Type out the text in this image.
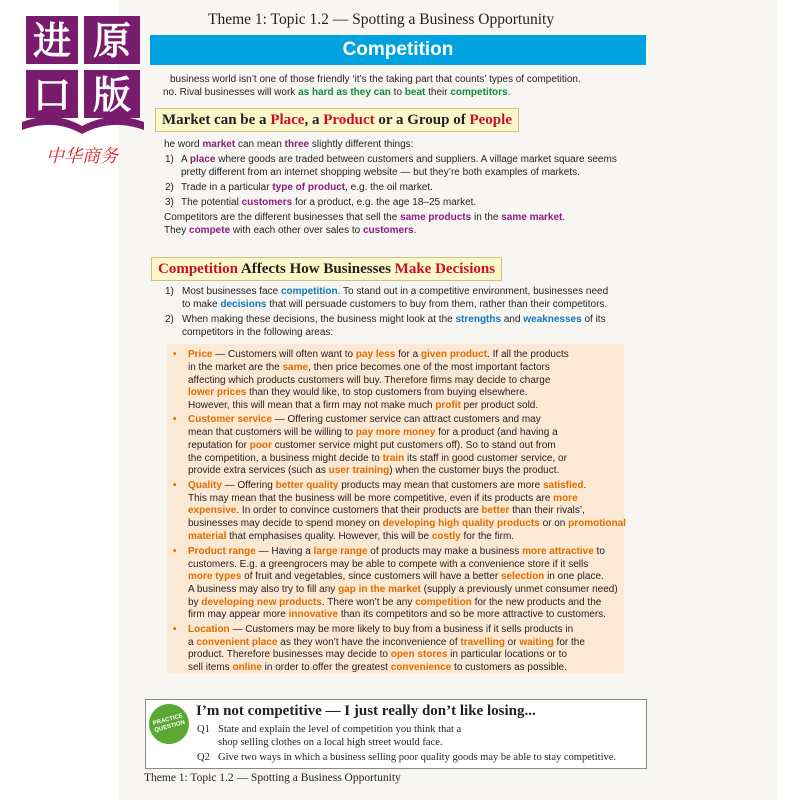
进 原
口 版
中华商务
Theme 1: Topic 1.2 — Spotting a Business Opportunity
Competition
business world isn’t one of those friendly ‘it’s the taking part that counts’ types of competition.
no. Rival businesses will work as hard as they can to beat their competitors.
Market can be a Place, a Product or a Group of People
he word market can mean three slightly different things:
1) A place where goods are traded between customers and suppliers. A village market square seems
pretty different from an internet shopping website — but they’re both examples of markets.
2) Trade in a particular type of product, e.g. the oil market.
3) The potential customers for a product, e.g. the age 18–25 market.
Competitors are the different businesses that sell the same products in the same market.
They compete with each other over sales to customers.
Competition Affects How Businesses Make Decisions
1) Most businesses face competition. To stand out in a competitive environment, businesses need
to make decisions that will persuade customers to buy from them, rather than their competitors.
2) When making these decisions, the business might look at the strengths and weaknesses of its
competitors in the following areas:
• Price — Customers will often want to pay less for a given product. If all the products
in the market are the same, then price becomes one of the most important factors
affecting which products customers will buy. Therefore firms may decide to charge
lower prices than they would like, to stop customers from buying elsewhere.
However, this will mean that a firm may not make much profit per product sold.
• Customer service — Offering customer service can attract customers and may
mean that customers will be willing to pay more money for a product (and having a
reputation for poor customer service might put customers off). So to stand out from
the competition, a business might decide to train its staff in good customer service, or
provide extra services (such as user training) when the customer buys the product.
• Quality — Offering better quality products may mean that customers are more satisfied.
This may mean that the business will be more competitive, even if its products are more
expensive. In order to convince customers that their products are better than their rivals’,
businesses may decide to spend money on developing high quality products or on promotional
material that emphasises quality. However, this will be costly for the firm.
• Product range — Having a large range of products may make a business more attractive to
customers. E.g. a greengrocers may be able to compete with a convenience store if it sells
more types of fruit and vegetables, since customers will have a better selection in one place.
A business may also try to fill any gap in the market (supply a previously unmet consumer need)
by developing new products. There won’t be any competition for the new products and the
firm may appear more innovative than its competitors and so be more attractive to customers.
• Location — Customers may be more likely to buy from a business if it sells products in
a convenient place as they won’t have the inconvenience of travelling or waiting for the
product. Therefore businesses may decide to open stores in particular locations or to
sell items online in order to offer the greatest convenience to customers as possible.
PRACTICE QUESTION
I’m not competitive — I just really don’t like losing...
Q1 State and explain the level of competition you think that a
shop selling clothes on a local high street would face.
Q2 Give two ways in which a business selling poor quality goods may be able to stay competitive.
Theme 1: Topic 1.2 — Spotting a Business Opportunity
